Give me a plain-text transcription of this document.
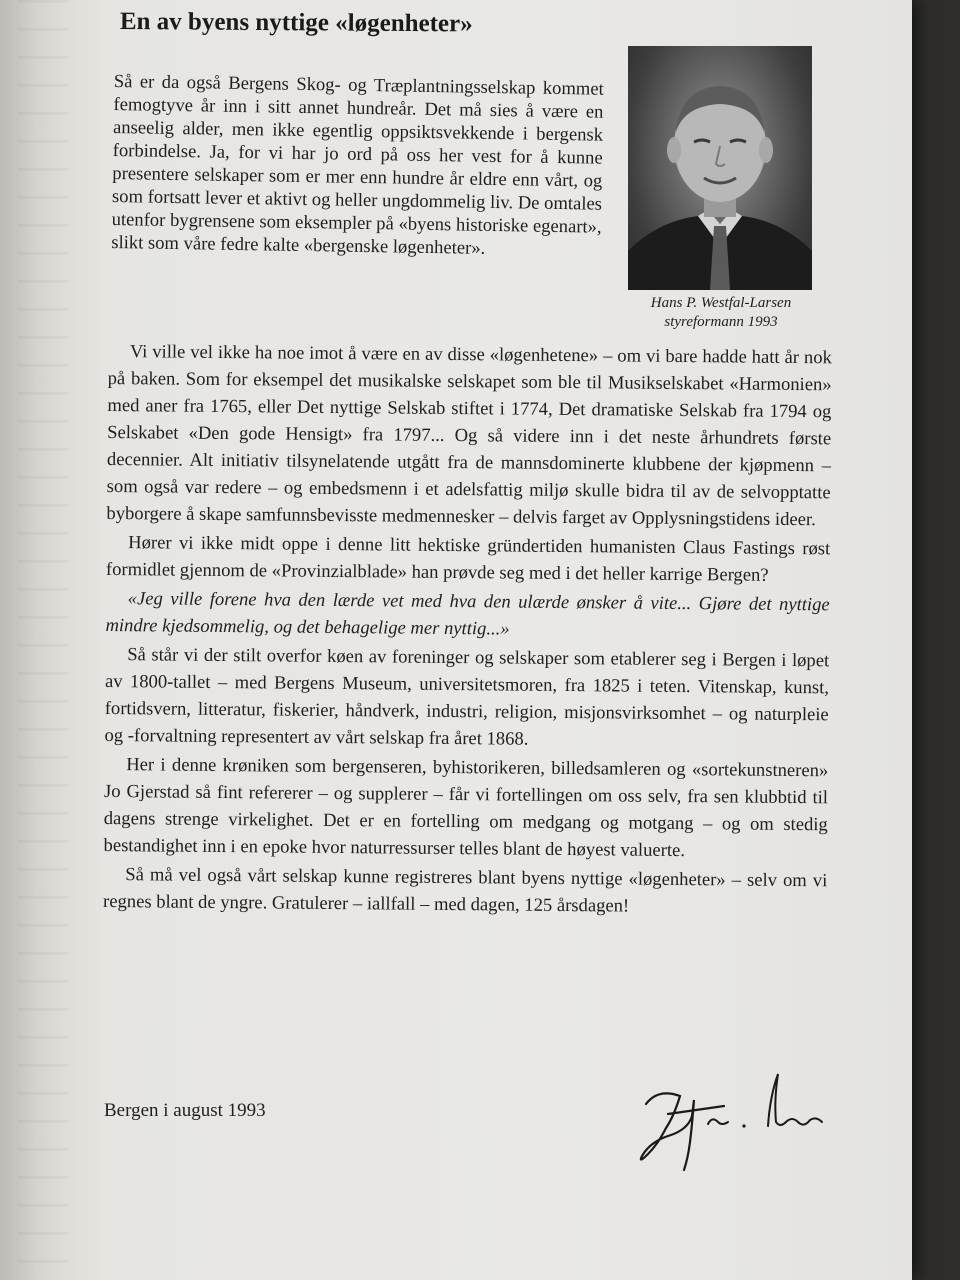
En av byens nyttige «løgenheter»
Hans P. Westfal-Larsen
styreformann 1993

Så er da også Bergens Skog- og Træplantningsselskap kommet femogtyve år inn i sitt annet hundreår. Det må sies å være en anseelig alder, men ikke egentlig oppsiktsvekkende i bergensk forbindelse. Ja, for vi har jo ord på oss her vest for å kunne presentere selskaper som er mer enn hundre år eldre enn vårt, og som fortsatt lever et aktivt og heller ungdommelig liv. De omtales utenfor bygrensene som eksempler på «byens historiske egenart», slikt som våre fedre kalte «bergenske løgenheter».

Vi ville vel ikke ha noe imot å være en av disse «løgenhetene» – om vi bare hadde hatt år nok på baken. Som for eksempel det musikalske selskapet som ble til Musikselskabet «Harmonien» med aner fra 1765, eller Det nyttige Selskab stiftet i 1774, Det dramatiske Selskab fra 1794 og Selskabet «Den gode Hensigt» fra 1797... Og så videre inn i det neste århundrets første decennier. Alt initiativ tilsynelatende utgått fra de mannsdominerte klubbene der kjøpmenn – som også var redere – og embedsmenn i et adelsfattig miljø skulle bidra til av de selvopptatte byborgere å skape samfunnsbevisste medmennesker – delvis farget av Opplysningstidens ideer.

Hører vi ikke midt oppe i denne litt hektiske gründertiden humanisten Claus Fastings røst formidlet gjennom de «Provinzialblade» han prøvde seg med i det heller karrige Bergen?

«Jeg ville forene hva den lærde vet med hva den ulærde ønsker å vite... Gjøre det nyttige mindre kjedsommelig, og det behagelige mer nyttig...»

Så står vi der stilt overfor køen av foreninger og selskaper som etablerer seg i Bergen i løpet av 1800-tallet – med Bergens Museum, universitetsmoren, fra 1825 i teten. Vitenskap, kunst, fortidsvern, litteratur, fiskerier, håndverk, industri, religion, misjonsvirksomhet – og naturpleie og -forvaltning representert av vårt selskap fra året 1868.

Her i denne krøniken som bergenseren, byhistorikeren, billedsamleren og «sortekunstneren» Jo Gjerstad så fint refererer – og supplerer – får vi fortellingen om oss selv, fra sen klubbtid til dagens strenge virkelighet. Det er en fortelling om medgang og motgang – og om stedig bestandighet inn i en epoke hvor naturressurser telles blant de høyest valuerte.

Så må vel også vårt selskap kunne registreres blant byens nyttige «løgenheter» – selv om vi regnes blant de yngre. Gratulerer – iallfall – med dagen, 125 årsdagen!

Bergen i august 1993
